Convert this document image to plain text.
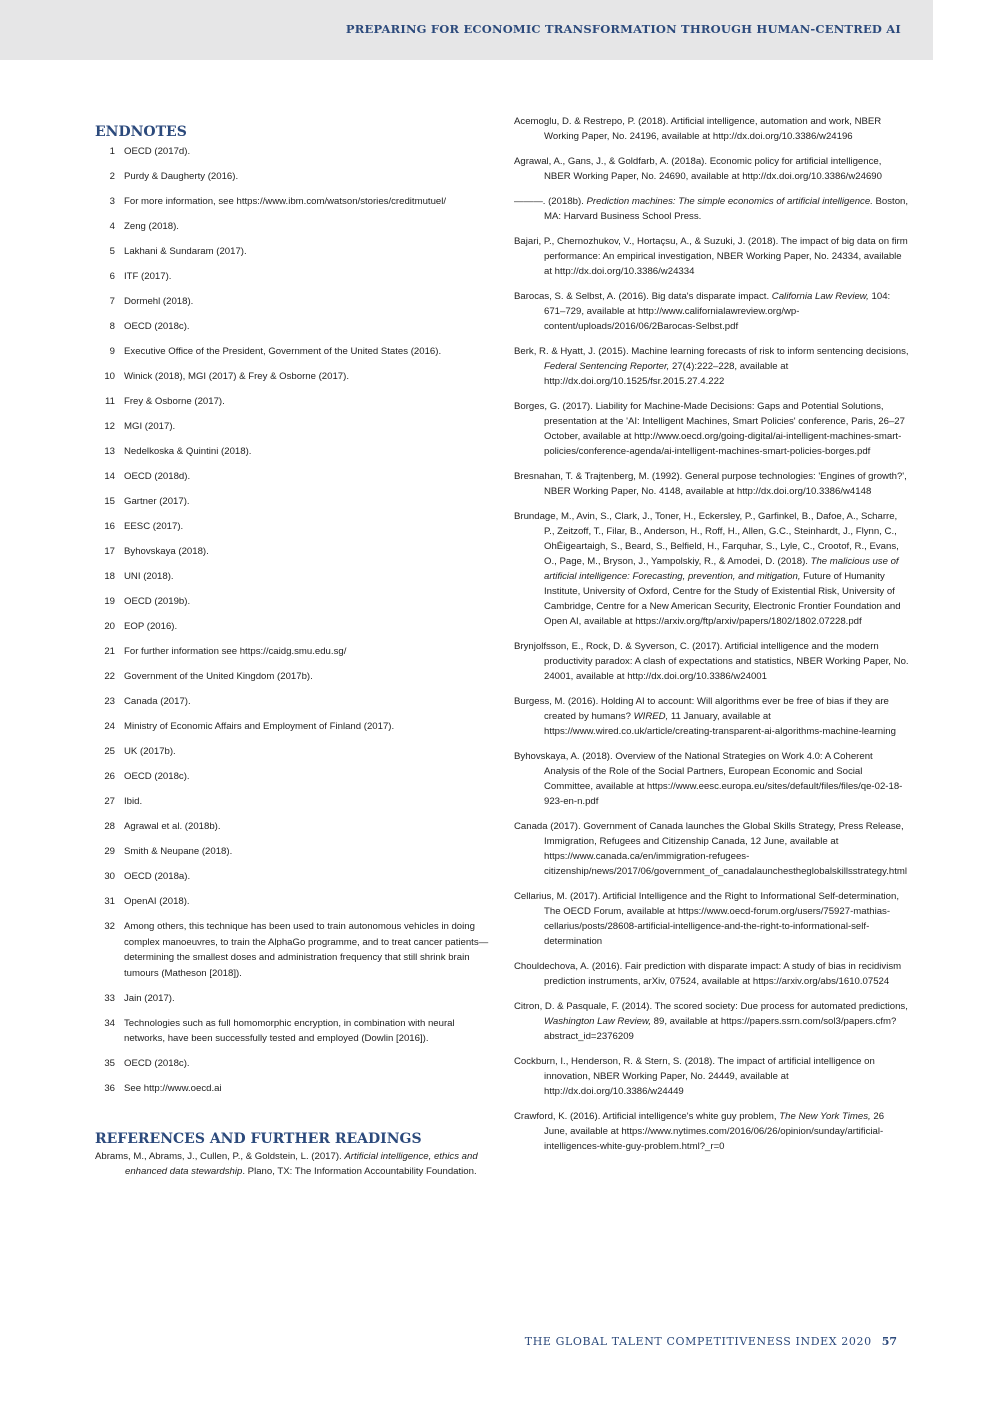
PREPARING FOR ECONOMIC TRANSFORMATION THROUGH HUMAN-CENTRED AI
ENDNOTES
1 OECD (2017d).
2 Purdy & Daugherty (2016).
3 For more information, see https://www.ibm.com/watson/stories/creditmutuel/
4 Zeng (2018).
5 Lakhani & Sundaram (2017).
6 ITF (2017).
7 Dormehl (2018).
8 OECD (2018c).
9 Executive Office of the President, Government of the United States (2016).
10 Winick (2018), MGI (2017) & Frey & Osborne (2017).
11 Frey & Osborne (2017).
12 MGI (2017).
13 Nedelkoska & Quintini (2018).
14 OECD (2018d).
15 Gartner (2017).
16 EESC (2017).
17 Byhovskaya (2018).
18 UNI (2018).
19 OECD (2019b).
20 EOP (2016).
21 For further information see https://caidg.smu.edu.sg/
22 Government of the United Kingdom (2017b).
23 Canada (2017).
24 Ministry of Economic Affairs and Employment of Finland (2017).
25 UK (2017b).
26 OECD (2018c).
27 Ibid.
28 Agrawal et al. (2018b).
29 Smith & Neupane (2018).
30 OECD (2018a).
31 OpenAI (2018).
32 Among others, this technique has been used to train autonomous vehicles in doing complex manoeuvres, to train the AlphaGo programme, and to treat cancer patients—determining the smallest doses and administration frequency that still shrink brain tumours (Matheson [2018]).
33 Jain (2017).
34 Technologies such as full homomorphic encryption, in combination with neural networks, have been successfully tested and employed (Dowlin [2016]).
35 OECD (2018c).
36 See http://www.oecd.ai
REFERENCES AND FURTHER READINGS

Abrams, M., Abrams, J., Cullen, P., & Goldstein, L. (2017). Artificial intelligence, ethics and enhanced data stewardship. Plano, TX: The Information Accountability Foundation.

Acemoglu, D. & Restrepo, P. (2018). Artificial intelligence, automation and work, NBER Working Paper, No. 24196, available at http://dx.doi.org/10.3386/w24196

Agrawal, A., Gans, J., & Goldfarb, A. (2018a). Economic policy for artificial intelligence, NBER Working Paper, No. 24690, available at http://dx.doi.org/10.3386/w24690

———. (2018b). Prediction machines: The simple economics of artificial intelligence. Boston, MA: Harvard Business School Press.

Bajari, P., Chernozhukov, V., Hortaçsu, A., & Suzuki, J. (2018). The impact of big data on firm performance: An empirical investigation, NBER Working Paper, No. 24334, available at http://dx.doi.org/10.3386/w24334

Barocas, S. & Selbst, A. (2016). Big data's disparate impact. California Law Review, 104: 671–729, available at http://www.californialawreview.org/wp-content/uploads/2016/06/2Barocas-Selbst.pdf

Berk, R. & Hyatt, J. (2015). Machine learning forecasts of risk to inform sentencing decisions, Federal Sentencing Reporter, 27(4):222–228, available at http://dx.doi.org/10.1525/fsr.2015.27.4.222

Borges, G. (2017). Liability for Machine-Made Decisions: Gaps and Potential Solutions, presentation at the 'AI: Intelligent Machines, Smart Policies' conference, Paris, 26–27 October, available at http://www.oecd.org/going-digital/ai-intelligent-machines-smart-policies/conference-agenda/ai-intelligent-machines-smart-policies-borges.pdf

Bresnahan, T. & Trajtenberg, M. (1992). General purpose technologies: 'Engines of growth?', NBER Working Paper, No. 4148, available at http://dx.doi.org/10.3386/w4148

Brundage, M., Avin, S., Clark, J., Toner, H., Eckersley, P., Garfinkel, B., Dafoe, A., Scharre, P., Zeitzoff, T., Filar, B., Anderson, H., Roff, H., Allen, G.C., Steinhardt, J., Flynn, C., OhÉigeartaigh, S., Beard, S., Belfield, H., Farquhar, S., Lyle, C., Crootof, R., Evans, O., Page, M., Bryson, J., Yampolskiy, R., & Amodei, D. (2018). The malicious use of artificial intelligence: Forecasting, prevention, and mitigation, Future of Humanity Institute, University of Oxford, Centre for the Study of Existential Risk, University of Cambridge, Centre for a New American Security, Electronic Frontier Foundation and Open AI, available at https://arxiv.org/ftp/arxiv/papers/1802/1802.07228.pdf

Brynjolfsson, E., Rock, D. & Syverson, C. (2017). Artificial intelligence and the modern productivity paradox: A clash of expectations and statistics, NBER Working Paper, No. 24001, available at http://dx.doi.org/10.3386/w24001

Burgess, M. (2016). Holding AI to account: Will algorithms ever be free of bias if they are created by humans? WIRED, 11 January, available at https://www.wired.co.uk/article/creating-transparent-ai-algorithms-machine-learning

Byhovskaya, A. (2018). Overview of the National Strategies on Work 4.0: A Coherent Analysis of the Role of the Social Partners, European Economic and Social Committee, available at https://www.eesc.europa.eu/sites/default/files/files/qe-02-18-923-en-n.pdf

Canada (2017). Government of Canada launches the Global Skills Strategy, Press Release, Immigration, Refugees and Citizenship Canada, 12 June, available at https://www.canada.ca/en/immigration-refugees-citizenship/news/2017/06/government_of_canadalaunchestheglobalskillsstrategy.html

Cellarius, M. (2017). Artificial Intelligence and the Right to Informational Self-determination, The OECD Forum, available at https://www.oecd-forum.org/users/75927-mathias-cellarius/posts/28608-artificial-intelligence-and-the-right-to-informational-self-determination

Chouldechova, A. (2016). Fair prediction with disparate impact: A study of bias in recidivism prediction instruments, arXiv, 07524, available at https://arxiv.org/abs/1610.07524

Citron, D. & Pasquale, F. (2014). The scored society: Due process for automated predictions, Washington Law Review, 89, available at https://papers.ssrn.com/sol3/papers.cfm?abstract_id=2376209

Cockburn, I., Henderson, R. & Stern, S. (2018). The impact of artificial intelligence on innovation, NBER Working Paper, No. 24449, available at http://dx.doi.org/10.3386/w24449

Crawford, K. (2016). Artificial intelligence's white guy problem, The New York Times, 26 June, available at https://www.nytimes.com/2016/06/26/opinion/sunday/artificial-intelligences-white-guy-problem.html?_r=0

THE GLOBAL TALENT COMPETITIVENESS INDEX 2020 57
